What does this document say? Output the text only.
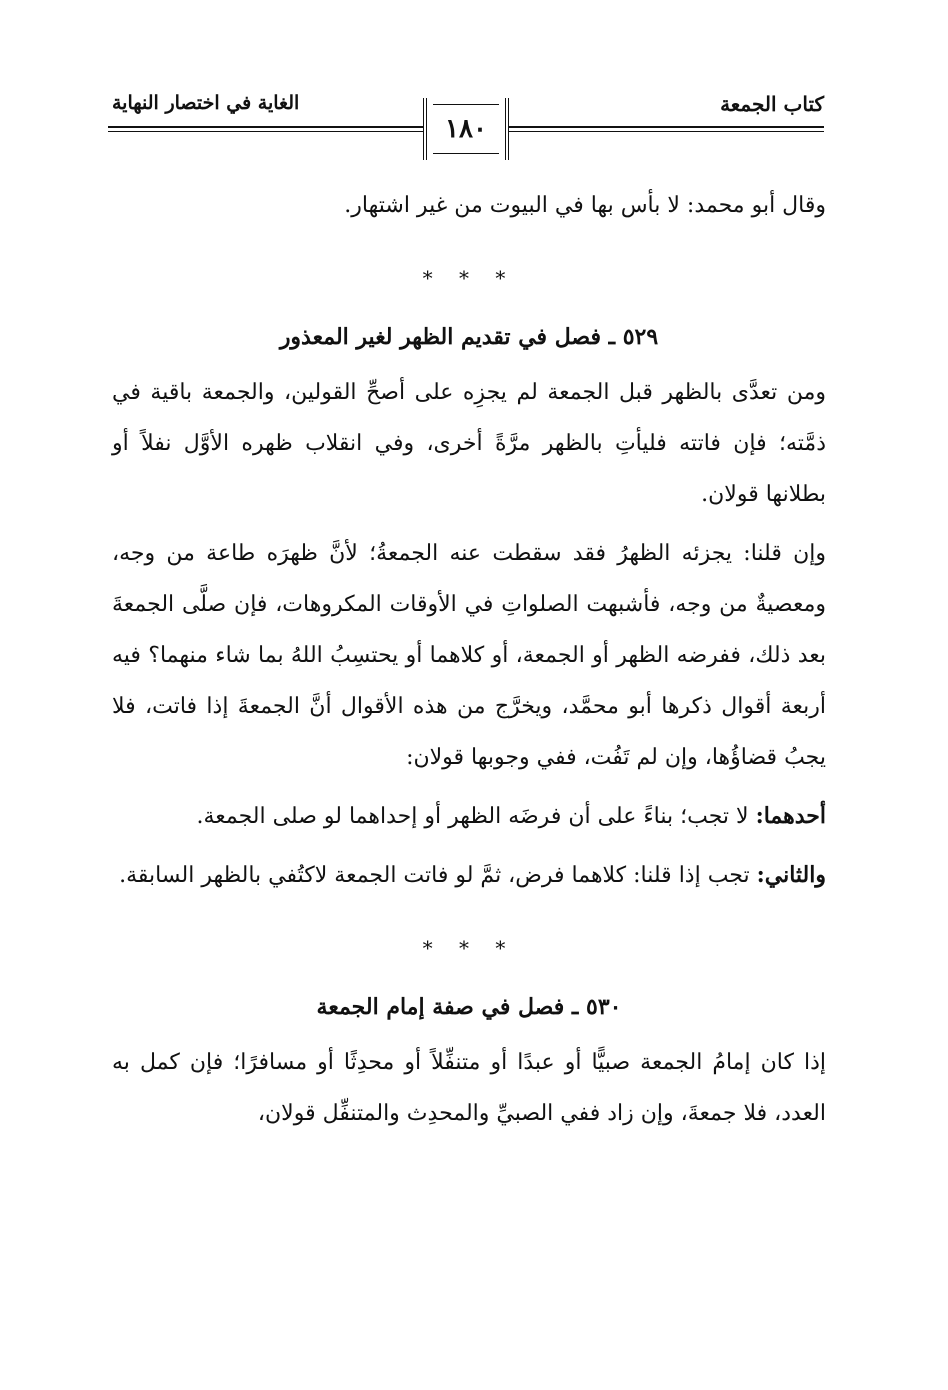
كتاب الجمعة
الغاية في اختصار النهاية
١٨٠

وقال أبو محمد: لا بأس بها في البيوت من غير اشتهار.

* * *
٥٢٩ ـ فصل في تقديم الظهر لغير المعذور

ومن تعدَّى بالظهر قبل الجمعة لم يجزِه على أصحِّ القولين، والجمعة باقية في ذمَّته؛ فإن فاتته فليأتِ بالظهر مرَّةً أخرى، وفي انقلاب ظهره الأوَّل نفلاً أو بطلانها قولان.

وإن قلنا: يجزئه الظهرُ فقد سقطت عنه الجمعةُ؛ لأنَّ ظهرَه طاعة من وجه، ومعصيةٌ من وجه، فأشبهت الصلواتِ في الأوقات المكروهات، فإن صلَّى الجمعةَ بعد ذلك، ففرضه الظهر أو الجمعة، أو كلاهما أو يحتسِبُ اللهُ بما شاء منهما؟ فيه أربعة أقوال ذكرها أبو محمَّد، ويخرَّج من هذه الأقوال أنَّ الجمعةَ إذا فاتت، فلا يجبُ قضاؤُها، وإن لم تَفُت، ففي وجوبها قولان:

أحدهما: لا تجب؛ بناءً على أن فرضَه الظهر أو إحداهما لو صلى الجمعة.

والثاني: تجب إذا قلنا: كلاهما فرض، ثمَّ لو فاتت الجمعة لاكتُفي بالظهر السابقة.

* * *
٥٣٠ ـ فصل في صفة إمام الجمعة

إذا كان إمامُ الجمعة صبيًّا أو عبدًا أو متنفِّلاً أو محدِثًا أو مسافرًا؛ فإن كمل به العدد، فلا جمعةَ، وإن زاد ففي الصبيِّ والمحدِث والمتنفِّل قولان،
